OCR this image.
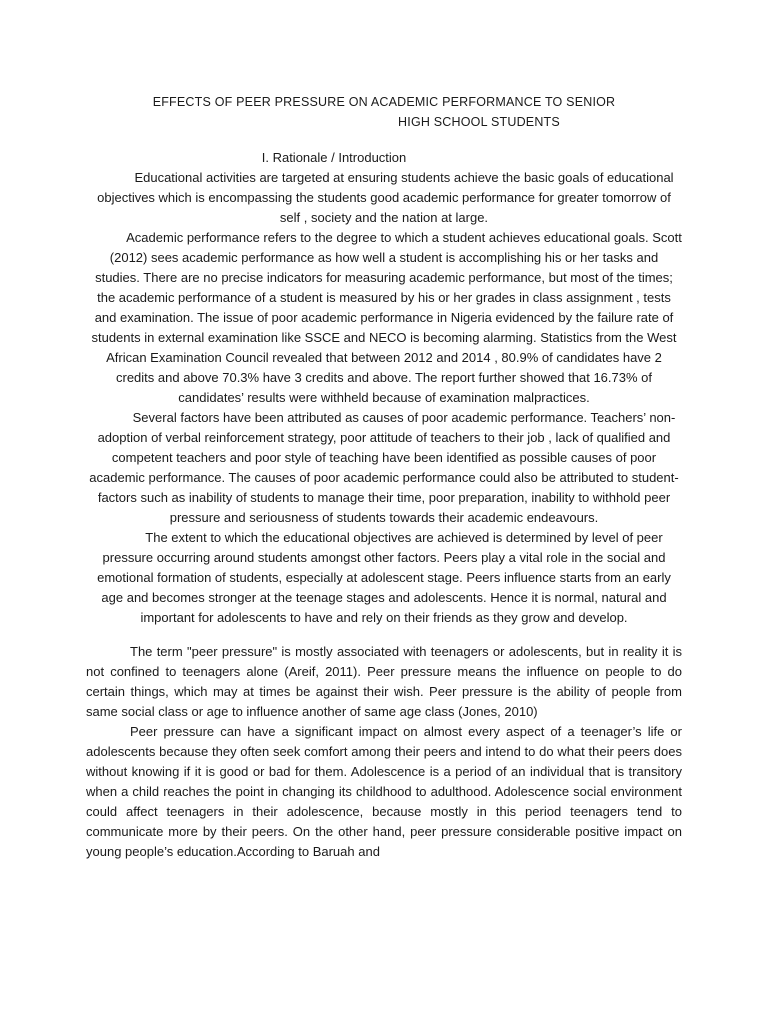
EFFECTS OF PEER PRESSURE ON ACADEMIC PERFORMANCE TO SENIOR
HIGH SCHOOL STUDENTS
I. Rationale / Introduction

Educational activities are targeted at ensuring students achieve the basic goals of educational objectives which is encompassing the students good academic performance for greater tomorrow of self , society and the nation at large.

Academic performance refers to the degree to which a student achieves educational goals. Scott (2012) sees academic performance as how well a student is accomplishing his or her tasks and studies. There are no precise indicators for measuring academic performance, but most of the times; the academic performance of a student is measured by his or her grades in class assignment , tests and examination. The issue of poor academic performance in Nigeria evidenced by the failure rate of students in external examination like SSCE and NECO is becoming alarming. Statistics from the West African Examination Council revealed that between 2012 and 2014 , 80.9% of candidates have 2 credits and above 70.3% have 3 credits and above. The report further showed that 16.73% of candidates’ results were withheld because of examination malpractices.

Several factors have been attributed as causes of poor academic performance. Teachers’ non-adoption of verbal reinforcement strategy, poor attitude of teachers to their job , lack of qualified and competent teachers and poor style of teaching have been identified as possible causes of poor academic performance. The causes of poor academic performance could also be attributed to student-factors such as inability of students to manage their time, poor preparation, inability to withhold peer pressure and seriousness of students towards their academic endeavours.

The extent to which the educational objectives are achieved is determined by level of peer pressure occurring around students amongst other factors. Peers play a vital role in the social and emotional formation of students, especially at adolescent stage. Peers influence starts from an early age and becomes stronger at the teenage stages and adolescents. Hence it is normal, natural and important for adolescents to have and rely on their friends as they grow and develop.

The term "peer pressure" is mostly associated with teenagers or adolescents, but in reality it is not confined to teenagers alone (Areif, 2011). Peer pressure means the influence on people to do certain things, which may at times be against their wish. Peer pressure is the ability of people from same social class or age to influence another of same age class (Jones, 2010)

Peer pressure can have a significant impact on almost every aspect of a teenager’s life or adolescents because they often seek comfort among their peers and intend to do what their peers does without knowing if it is good or bad for them. Adolescence is a period of an individual that is transitory when a child reaches the point in changing its childhood to adulthood. Adolescence social environment could affect teenagers in their adolescence, because mostly in this period teenagers tend to communicate more by their peers. On the other hand, peer pressure considerable positive impact on young people’s education.According to Baruah and
